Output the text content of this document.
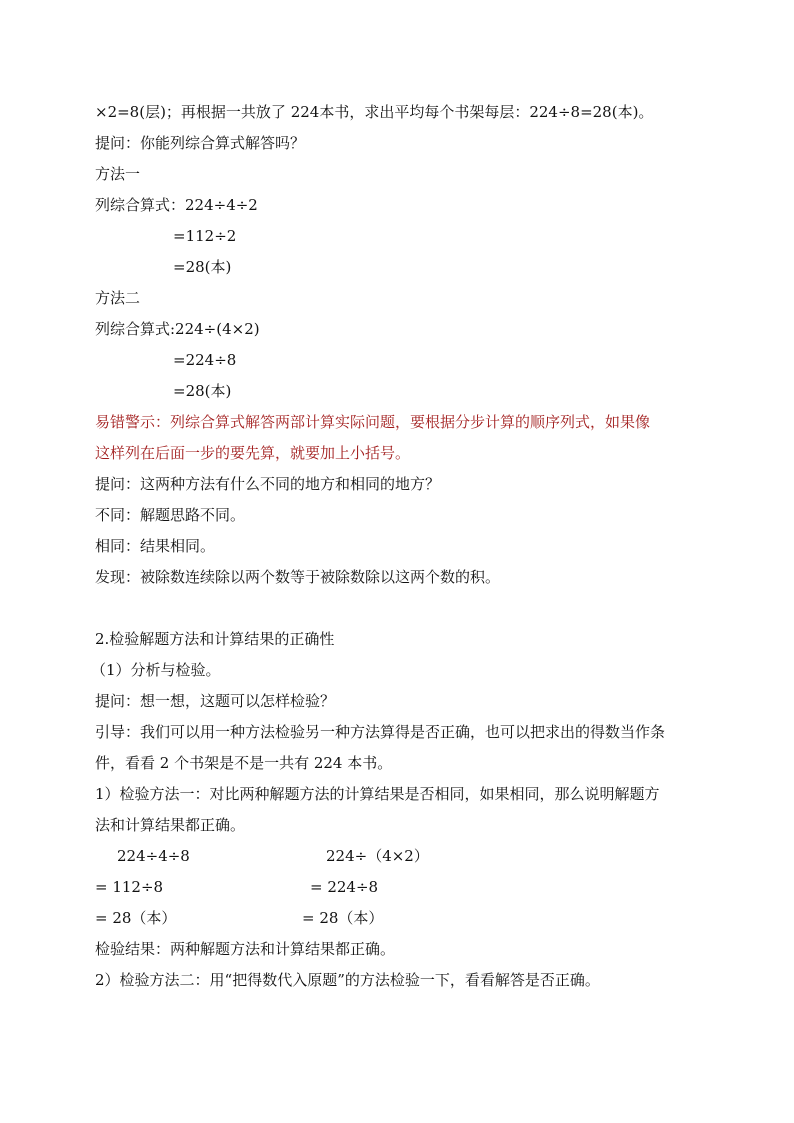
×2=8(层)；再根据一共放了 224本书，求出平均每个书架每层：224÷8=28(本)。
提问：你能列综合算式解答吗？
方法一
列综合算式：224÷4÷2
=112÷2
=28(本)
方法二
列综合算式:224÷(4×2)
=224÷8
=28(本)
易错警示：列综合算式解答两部计算实际问题，要根据分步计算的顺序列式，如果像
这样列在后面一步的要先算，就要加上小括号。
提问：这两种方法有什么不同的地方和相同的地方？
不同：解题思路不同。
相同：结果相同。
发现：被除数连续除以两个数等于被除数除以这两个数的积。
2.检验解题方法和计算结果的正确性
（1）分析与检验。
提问：想一想，这题可以怎样检验？
引导：我们可以用一种方法检验另一种方法算得是否正确，也可以把求出的得数当作条
件，看看 2 个书架是不是一共有 224 本书。
1）检验方法一：对比两种解题方法的计算结果是否相同，如果相同，那么说明解题方
法和计算结果都正确。
224÷4÷8	224÷（4×2）
= 112÷8	= 224÷8
= 28（本）	= 28（本）
检验结果：两种解题方法和计算结果都正确。
2）检验方法二：用“把得数代入原题”的方法检验一下，看看解答是否正确。
